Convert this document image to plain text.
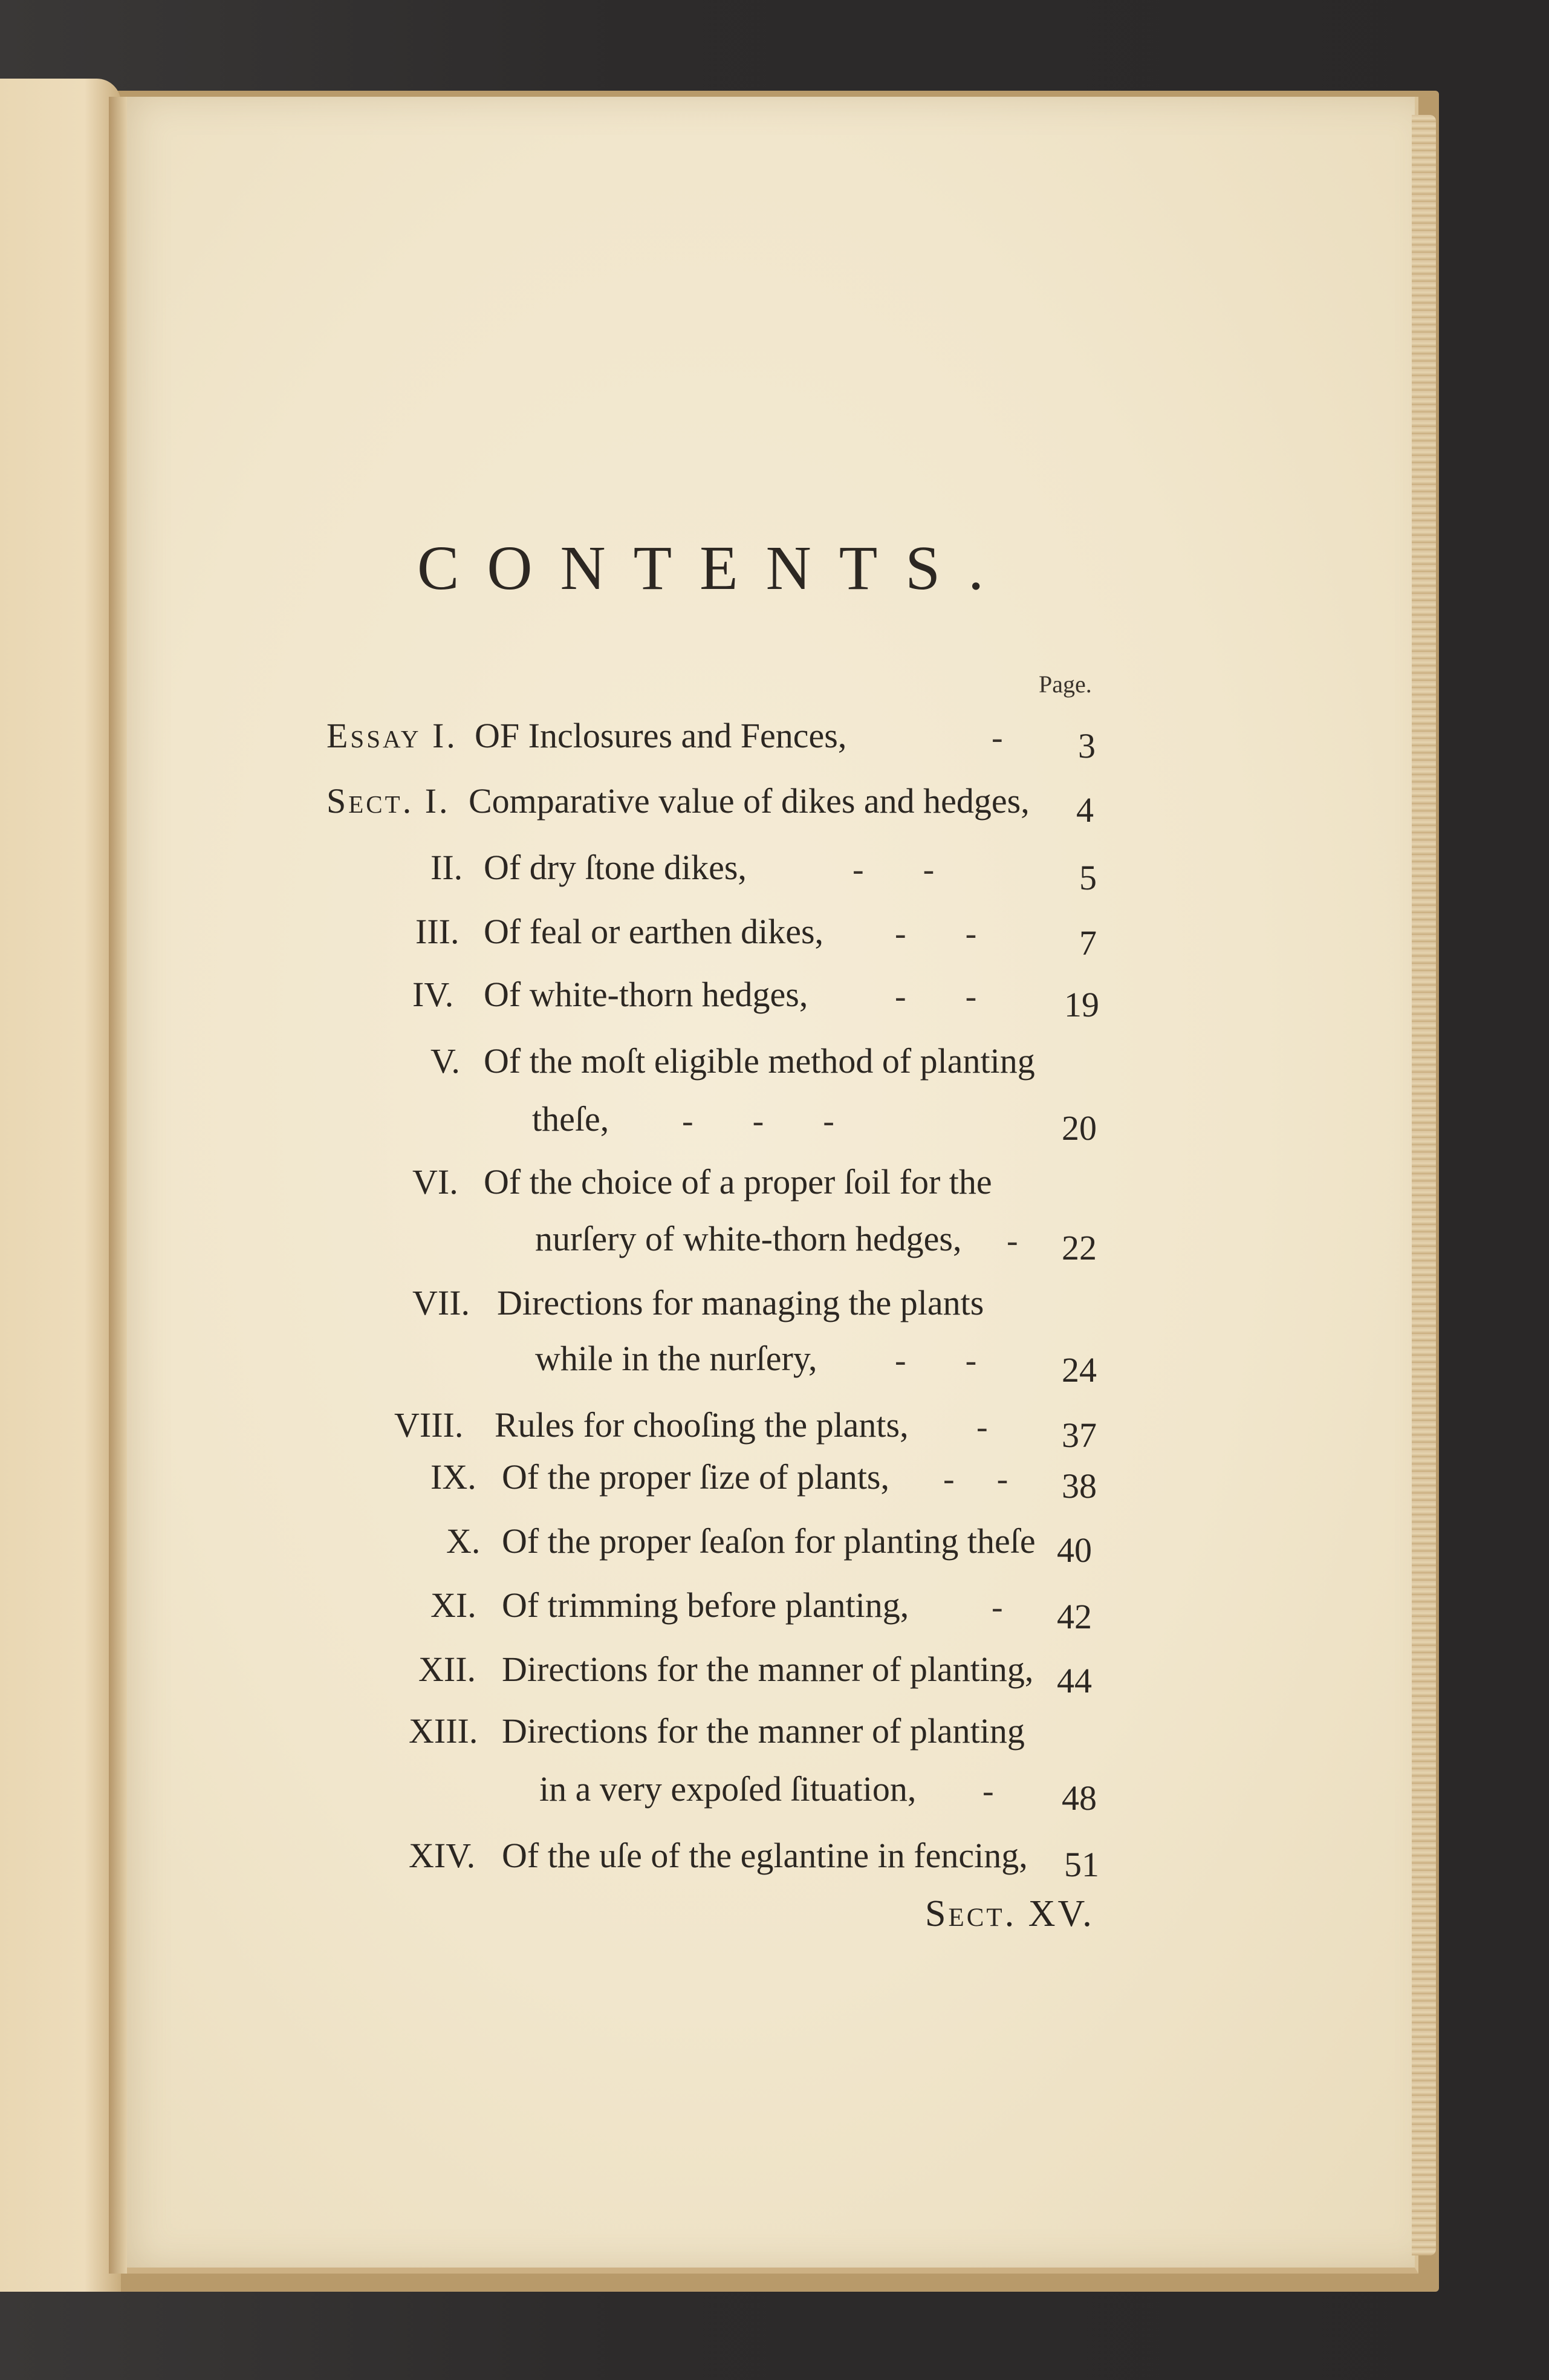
CONTENTS.
Page.
Essay I. OF Inclosures and Fences,	- 3
Sect. I. Comparative value of dikes and hedges, 4
II. Of dry ſtone dikes,	-       -	5
III. Of feal or earthen dikes, -       -	7
IV. Of white-thorn hedges,	-       - 19
V. Of the moſt eligible method of planting
theſe, -       -       -	20
VI. Of the choice of a proper ſoil for the
nurſery of white-thorn hedges, - 22
VII. Directions for managing the plants
while in the nurſery, -       - 24
VIII. Rules for chooſing the plants, - 37
IX. Of the proper ſize of plants, -     - 38
X. Of the proper ſeaſon for planting theſe 40
XI. Of trimming before planting, - 42
XII. Directions for the manner of planting, 44
XIII. Directions for the manner of planting
in a very expoſed ſituation, - 48
XIV. Of the uſe of the eglantine in fencing, 51
Sect. XV.
